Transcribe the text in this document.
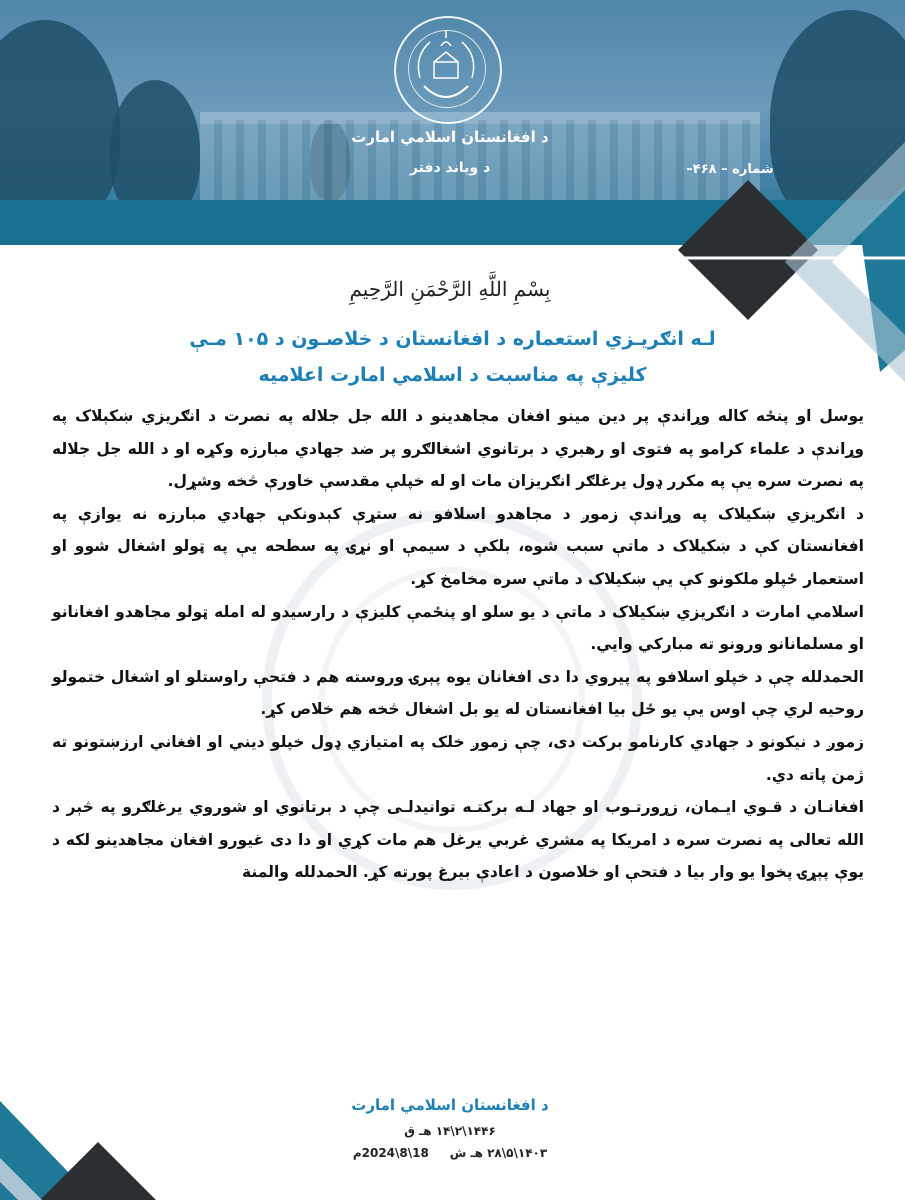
د افغانستان اسلامي امارت
د ویاند دفتر	شماره – ۴۶۸–
بِسْمِ اللَّهِ الرَّحْمَنِ الرَّحِيمِ
لـه انګریـزي استعماره د افغانستان د خلاصـون د ۱۰۵ مـې
کلیزې په مناسبت د اسلامي امارت اعلامیه

یوسل او پنځه کاله وړاندې پر دین مینو افغان مجاهدینو د الله جل جلاله په نصرت د انګریزي ښکېلاک په وړاندې د علماء کرامو په فتوی او رهبري د برتانوي اشغالګرو پر ضد جهادي مبارزه وکړه او د الله جل جلاله په نصرت سره یې په مکرر ډول یرغلګر انګریزان مات او له خپلې مقدسې خاورې څخه وشړل.

د انګریزي ښکیلاک په وړاندې زموږ د مجاهدو اسلافو نه ستړې کېدونکې جهادي مبارزه نه یوازې په افغانستان کې د ښکیلاک د ماتې سبب شوه، بلکې د سیمې او نړۍ په سطحه یې په ټولو اشغال شوو او استعمار ځپلو ملکونو کې یې ښکیلاک د ماتې سره مخامخ کړ.

اسلامي امارت د انګریزي ښکیلاک د ماتې د یو سلو او پنځمې کلیزې د رارسیدو له امله ټولو مجاهدو افغانانو او مسلمانانو ورونو ته مبارکي وايي.

الحمدلله چې د خپلو اسلافو په پیروي دا دی افغانان یوه پېرۍ وروسته هم د فتحې راوستلو او اشغال ختمولو روحیه لري چې اوس یې یو ځل بیا افغانستان له یو بل اشغال څخه هم خلاص کړ.

زموږ د نیکونو د جهادي کارنامو برکت دی، چې زموږ خلک په امتیازي ډول خپلو دیني او افغاني ارزښتونو ته ژمن پاته دي.

افغانـان د قـوي ایـمان، زړورتـوب او جهاد لـه برکتـه توانیدلـی چې د برتانوي او شوروي یرغلګرو په څېر د الله تعالی په نصرت سره د امریکا په مشري غربي یرغل هم مات کړي او دا دی غیورو افغان مجاهدینو لکه د یوې پېړۍ پخوا یو وار بیا د فتحې او خلاصون د اعادې بیرغ پورته کړ. الحمدلله والمنة

د افغانستان اسلامي امارت
۱۴۴۶\۲\۱۴ هـ ق
۱۴۰۳\۵\۲۸ هـ ش     18\8\2024م
